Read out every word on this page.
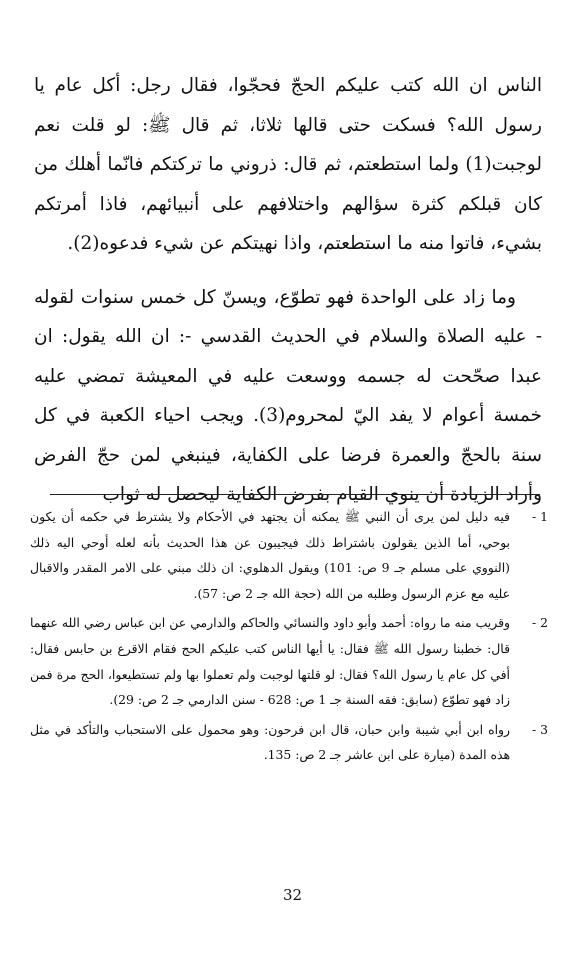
الناس ان الله كتب عليكم الحجّ فحجّوا، فقال رجل: أكل عام يا رسول الله؟ فسكت حتى قالها ثلاثا، ثم قال ﷺ: لو قلت نعم لوجبت(1) ولما استطعتم، ثم قال: ذروني ما تركتكم فانّما أهلك من كان قبلكم كثرة سؤالهم واختلافهم على أنبيائهم، فاذا أمرتكم بشيء، فاتوا منه ما استطعتم، واذا نهيتكم عن شيء فدعوه(2).

وما زاد على الواحدة فهو تطوّع، ويسنّ كل خمس سنوات لقوله - عليه الصلاة والسلام في الحديث القدسي -: ان الله يقول: ان عبدا صحّحت له جسمه ووسعت عليه في المعيشة تمضي عليه خمسة أعوام لا يفد اليّ لمحروم(3). ويجب احياء الكعبة في كل سنة بالحجّ والعمرة فرضا على الكفاية، فينبغي لمن حجّ الفرض وأراد الزيادة أن ينوي القيام بفرض الكفاية ليحصل له ثواب

1 -
فيه دليل لمن يرى أن النبي ﷺ يمكنه أن يجتهد في الأحكام ولا يشترط في حكمه أن يكون بوحي، أما الذين يقولون باشتراط ذلك فيجيبون عن هذا الحديث بأنه لعله أوحي اليه ذلك (النووي على مسلم جـ 9 ص: 101) ويقول الدهلوي: ان ذلك مبني على الامر المقدر والاقبال عليه مع عزم الرسول وطلبه من الله (حجة الله جـ 2 ص: 57).
2 -
وقريب منه ما رواه: أحمد وأبو داود والنسائي والحاكم والدارمي عن ابن عباس رضي الله عنهما قال: خطبنا رسول الله ﷺ فقال: يا أيها الناس كتب عليكم الحج فقام الاقرع بن حابس فقال: أفي كل عام يا رسول الله؟ فقال: لو قلتها لوجبت ولم تعملوا بها ولم تستطيعوا، الحج مرة فمن زاد فهو تطوّع (سابق: فقه السنة جـ 1 ص: 628 - سنن الدارمي جـ 2 ص: 29).
3 -
رواه ابن أبي شيبة وابن حبان، قال ابن فرحون: وهو محمول على الاستحباب والتأكد في مثل هذه المدة (ميارة على ابن عاشر جـ 2 ص: 135.
32
